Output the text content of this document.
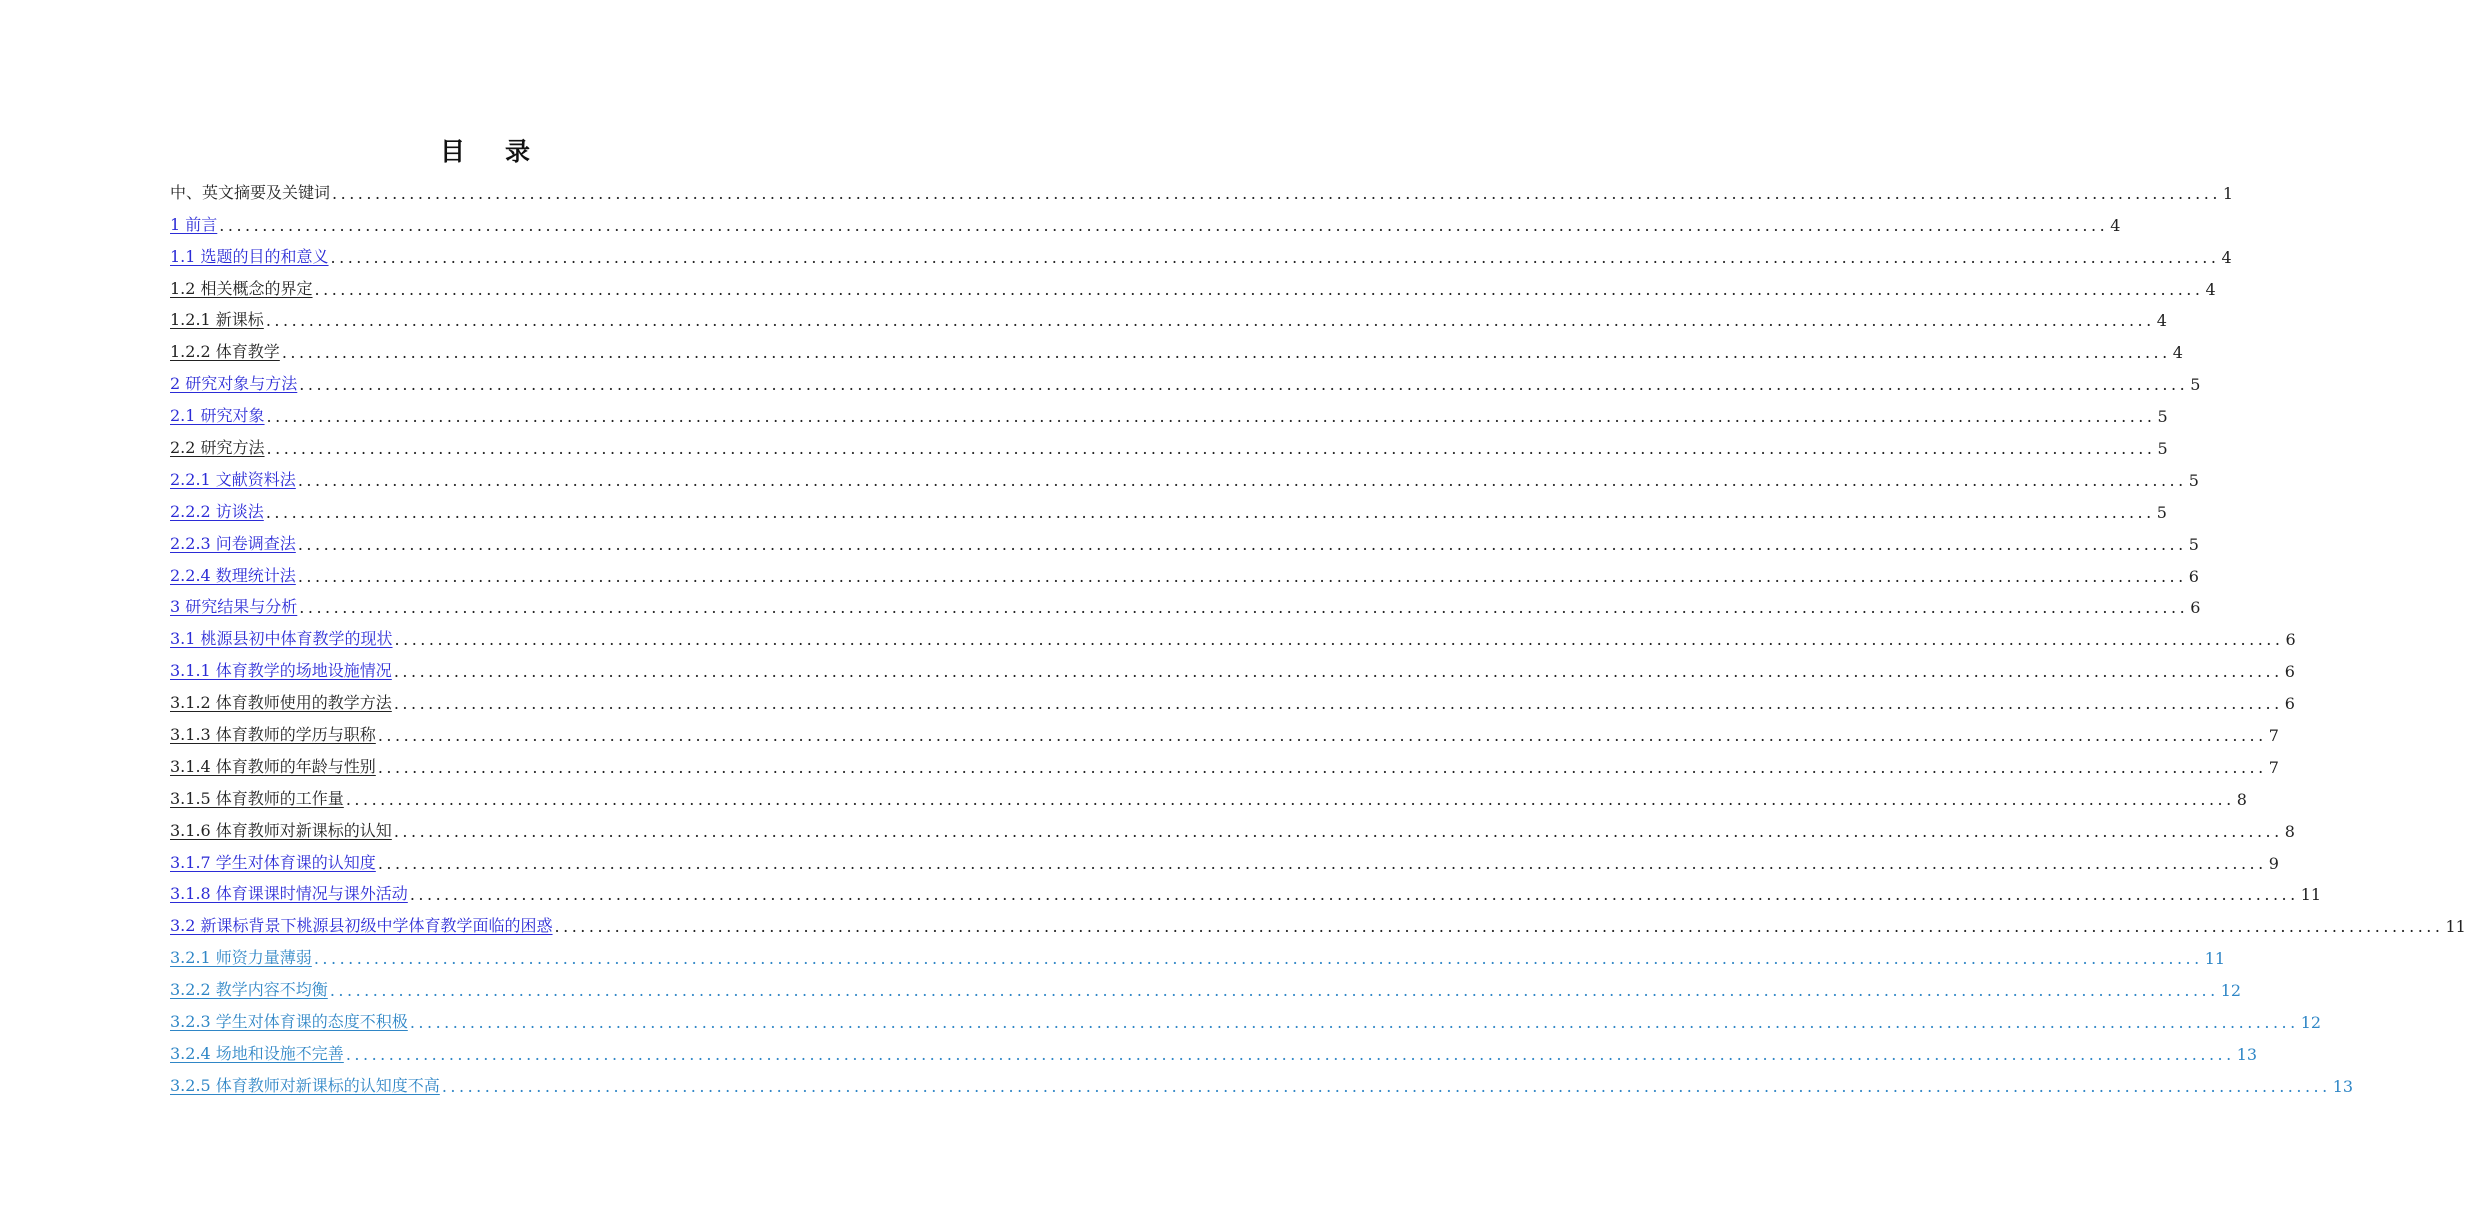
目录
中、英文摘要及关键词 ............................................................................................................................................................................................................................ 1
1 前言 ............................................................................................................................................................................................................................ 4
1.1 选题的目的和意义 ............................................................................................................................................................................................................................ 4
1.2 相关概念的界定 ............................................................................................................................................................................................................................ 4
1.2.1 新课标 ............................................................................................................................................................................................................................ 4
1.2.2 体育教学 ............................................................................................................................................................................................................................ 4
2 研究对象与方法 ............................................................................................................................................................................................................................ 5
2.1 研究对象 ............................................................................................................................................................................................................................ 5
2.2 研究方法 ............................................................................................................................................................................................................................ 5
2.2.1 文献资料法 ............................................................................................................................................................................................................................ 5
2.2.2 访谈法 ............................................................................................................................................................................................................................ 5
2.2.3 问卷调查法 ............................................................................................................................................................................................................................ 5
2.2.4 数理统计法 ............................................................................................................................................................................................................................ 6
3 研究结果与分析 ............................................................................................................................................................................................................................ 6
3.1 桃源县初中体育教学的现状 ............................................................................................................................................................................................................................ 6
3.1.1 体育教学的场地设施情况 ............................................................................................................................................................................................................................ 6
3.1.2 体育教师使用的教学方法 ............................................................................................................................................................................................................................ 6
3.1.3 体育教师的学历与职称 ............................................................................................................................................................................................................................ 7
3.1.4 体育教师的年龄与性别 ............................................................................................................................................................................................................................ 7
3.1.5 体育教师的工作量 ............................................................................................................................................................................................................................ 8
3.1.6 体育教师对新课标的认知 ............................................................................................................................................................................................................................ 8
3.1.7 学生对体育课的认知度 ............................................................................................................................................................................................................................ 9
3.1.8 体育课课时情况与课外活动 ............................................................................................................................................................................................................................ 11
3.2 新课标背景下桃源县初级中学体育教学面临的困惑 ............................................................................................................................................................................................................................ 11
3.2.1 师资力量薄弱 ............................................................................................................................................................................................................................ 11
3.2.2 教学内容不均衡 ............................................................................................................................................................................................................................ 12
3.2.3 学生对体育课的态度不积极 ............................................................................................................................................................................................................................ 12
3.2.4 场地和设施不完善 ............................................................................................................................................................................................................................ 13
3.2.5 体育教师对新课标的认知度不高 ............................................................................................................................................................................................................................ 13
